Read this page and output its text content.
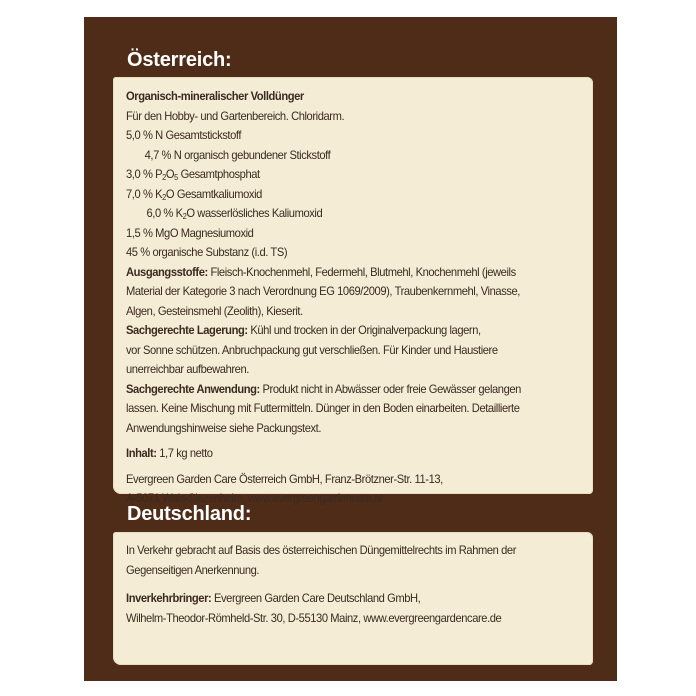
Österreich:
Organisch-mineralischer Volldünger
Für den Hobby- und Gartenbereich. Chloridarm.
5,0 % N Gesamtstickstoff
4,7 % N organisch gebundener Stickstoff
3,0 % $P_2O_5$ Gesamtphosphat
7,0 % $K_2O$ Gesamtkaliumoxid
6,0 % $K_2O$ wasserlösliches Kaliumoxid
1,5 % MgO Magnesiumoxid
45 % organische Substanz (i.d. TS)
Ausgangsstoffe: Fleisch-Knochenmehl, Federmehl, Blutmehl, Knochenmehl (jeweils
Material der Kategorie 3 nach Verordnung EG 1069/2009), Traubenkernmehl, Vinasse,
Algen, Gesteinsmehl (Zeolith), Kieserit.
Sachgerechte Lagerung: Kühl und trocken in der Originalverpackung lagern,
vor Sonne schützen. Anbruchpackung gut verschließen. Für Kinder und Haustiere
unerreichbar aufbewahren.
Sachgerechte Anwendung: Produkt nicht in Abwässer oder freie Gewässer gelangen
lassen. Keine Mischung mit Futtermitteln. Dünger in den Boden einarbeiten. Detaillierte
Anwendungshinweise siehe Packungstext.
Inhalt: 1,7 kg netto
Evergreen Garden Care Österreich GmbH, Franz-Brötzner-Str. 11-13,
A-5071 Wals-Siezenheim, www.evergreengardencare.at
Deutschland:
In Verkehr gebracht auf Basis des österreichischen Düngemittelrechts im Rahmen der
Gegenseitigen Anerkennung.
Inverkehrbringer: Evergreen Garden Care Deutschland GmbH,
Wilhelm-Theodor-Römheld-Str. 30, D-55130 Mainz, www.evergreengardencare.de
